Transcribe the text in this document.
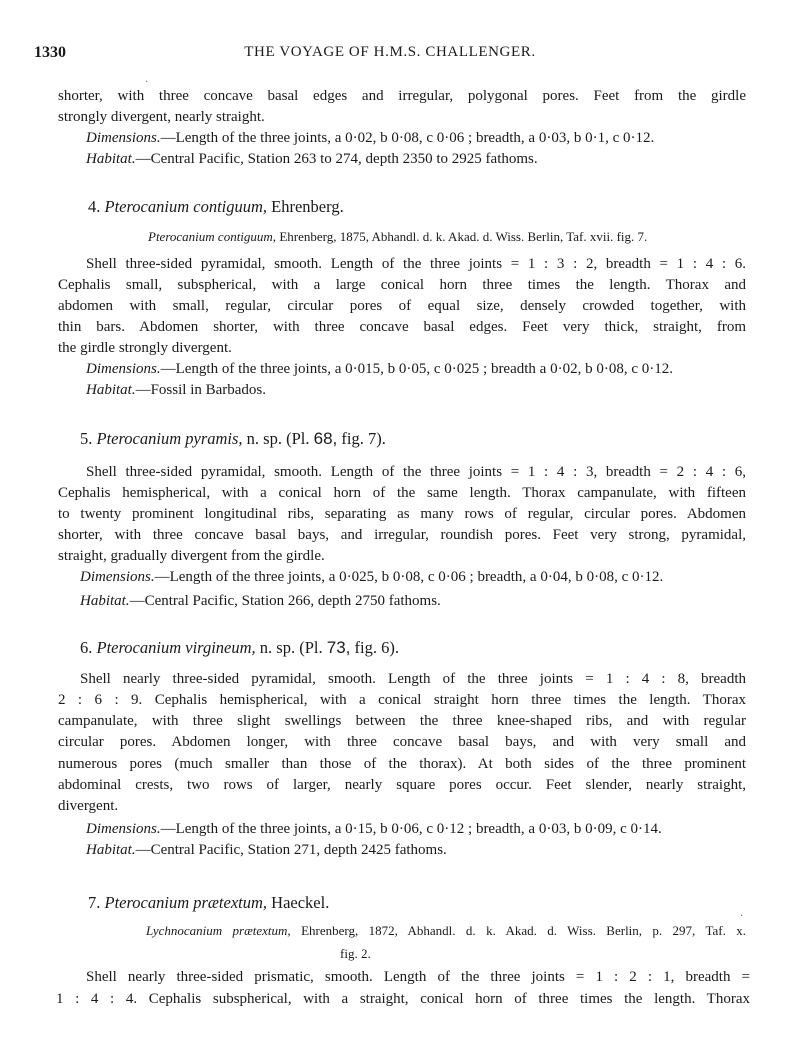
1330	THE VOYAGE OF H.M.S. CHALLENGER.
·
shorter, with three concave basal edges and irregular, polygonal pores. Feet from the girdle
strongly divergent, nearly straight.
Dimensions.—Length of the three joints, a 0·02, b 0·08, c 0·06 ; breadth, a 0·03, b 0·1, c 0·12.
Habitat.—Central Pacific, Station 263 to 274, depth 2350 to 2925 fathoms.
4. Pterocanium contiguum, Ehrenberg.
Pterocanium contiguum, Ehrenberg, 1875, Abhandl. d. k. Akad. d. Wiss. Berlin, Taf. xvii. fig. 7.
Shell three-sided pyramidal, smooth. Length of the three joints = 1 : 3 : 2, breadth = 1 : 4 : 6.
Cephalis small, subspherical, with a large conical horn three times the length. Thorax and
abdomen with small, regular, circular pores of equal size, densely crowded together, with
thin bars. Abdomen shorter, with three concave basal edges. Feet very thick, straight, from
the girdle strongly divergent.
Dimensions.—Length of the three joints, a 0·015, b 0·05, c 0·025 ; breadth a 0·02, b 0·08, c 0·12.
Habitat.—Fossil in Barbados.
5. Pterocanium pyramis, n. sp. (Pl. 68, fig. 7).
Shell three-sided pyramidal, smooth. Length of the three joints = 1 : 4 : 3, breadth = 2 : 4 : 6,
Cephalis hemispherical, with a conical horn of the same length. Thorax campanulate, with fifteen
to twenty prominent longitudinal ribs, separating as many rows of regular, circular pores. Abdomen
shorter, with three concave basal bays, and irregular, roundish pores. Feet very strong, pyramidal,
straight, gradually divergent from the girdle.
Dimensions.—Length of the three joints, a 0·025, b 0·08, c 0·06 ; breadth, a 0·04, b 0·08, c 0·12.
Habitat.—Central Pacific, Station 266, depth 2750 fathoms.
6. Pterocanium virgineum, n. sp. (Pl. 73, fig. 6).
Shell nearly three-sided pyramidal, smooth. Length of the three joints = 1 : 4 : 8, breadth
2 : 6 : 9. Cephalis hemispherical, with a conical straight horn three times the length. Thorax
campanulate, with three slight swellings between the three knee-shaped ribs, and with regular
circular pores. Abdomen longer, with three concave basal bays, and with very small and
numerous pores (much smaller than those of the thorax). At both sides of the three prominent
abdominal crests, two rows of larger, nearly square pores occur. Feet slender, nearly straight,
divergent.
Dimensions.—Length of the three joints, a 0·15, b 0·06, c 0·12 ; breadth, a 0·03, b 0·09, c 0·14.
Habitat.—Central Pacific, Station 271, depth 2425 fathoms.
7. Pterocanium prætextum, Haeckel.
·
Lychnocanium prætextum, Ehrenberg, 1872, Abhandl. d. k. Akad. d. Wiss. Berlin, p. 297, Taf. x.
fig. 2.
Shell nearly three-sided prismatic, smooth. Length of the three joints = 1 : 2 : 1, breadth =
1 : 4 : 4. Cephalis subspherical, with a straight, conical horn of three times the length. Thorax
